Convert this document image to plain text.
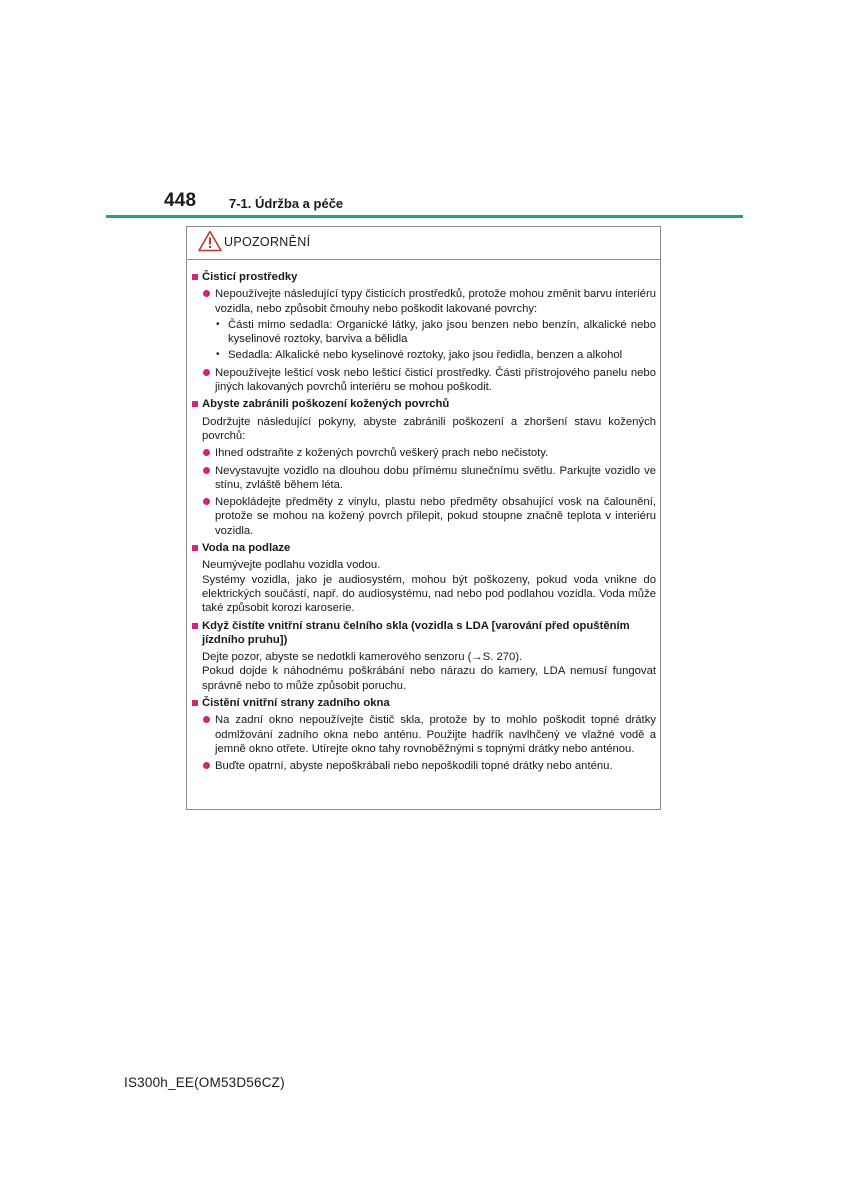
448	7-1. Údržba a péče
UPOZORNĚNÍ
Čisticí prostředky
Nepoužívejte následující typy čisticích prostředků, protože mohou změnit barvu interiéru vozidla, nebo způsobit čmouhy nebo poškodit lakované povrchy:
• Části mimo sedadla: Organické látky, jako jsou benzen nebo benzín, alkalické nebo kyselinové roztoky, barviva a bělidla
• Sedadla: Alkalické nebo kyselinové roztoky, jako jsou ředidla, benzen a alkohol
Nepoužívejte lešticí vosk nebo lešticí čisticí prostředky. Části přístrojového panelu nebo jiných lakovaných povrchů interiéru se mohou poškodit.
Abyste zabránili poškození kožených povrchů
Dodržujte následující pokyny, abyste zabránili poškození a zhoršení stavu kožených povrchů:
Ihned odstraňte z kožených povrchů veškerý prach nebo nečistoty.
Nevystavujte vozidlo na dlouhou dobu přímému slunečnímu světlu. Parkujte vozidlo ve stínu, zvláště během léta.
Nepokládejte předměty z vinylu, plastu nebo předměty obsahující vosk na čalounění, protože se mohou na kožený povrch přilepit, pokud stoupne značně teplota v interiéru vozidla.
Voda na podlaze
Neumývejte podlahu vozidla vodou.
Systémy vozidla, jako je audiosystém, mohou být poškozeny, pokud voda vnikne do elektrických součástí, např. do audiosystému, nad nebo pod podlahou vozidla. Voda může také způsobit korozi karoserie.
Když čistíte vnitřní stranu čelního skla (vozidla s LDA [varování před opuštěním jízdního pruhu])
Dejte pozor, abyste se nedotkli kamerového senzoru (→S. 270).
Pokud dojde k náhodnému poškrábání nebo nárazu do kamery, LDA nemusí fungovat správně nebo to může způsobit poruchu.
Čistění vnitřní strany zadního okna
Na zadní okno nepoužívejte čistič skla, protože by to mohlo poškodit topné drátky odmlžování zadního okna nebo anténu. Použijte hadřík navlhčený ve vlažné vodě a jemně okno otřete. Utírejte okno tahy rovnoběžnými s topnými drátky nebo anténou.
Buďte opatrní, abyste nepoškrábali nebo nepoškodili topné drátky nebo anténu.
IS300h_EE(OM53D56CZ)
